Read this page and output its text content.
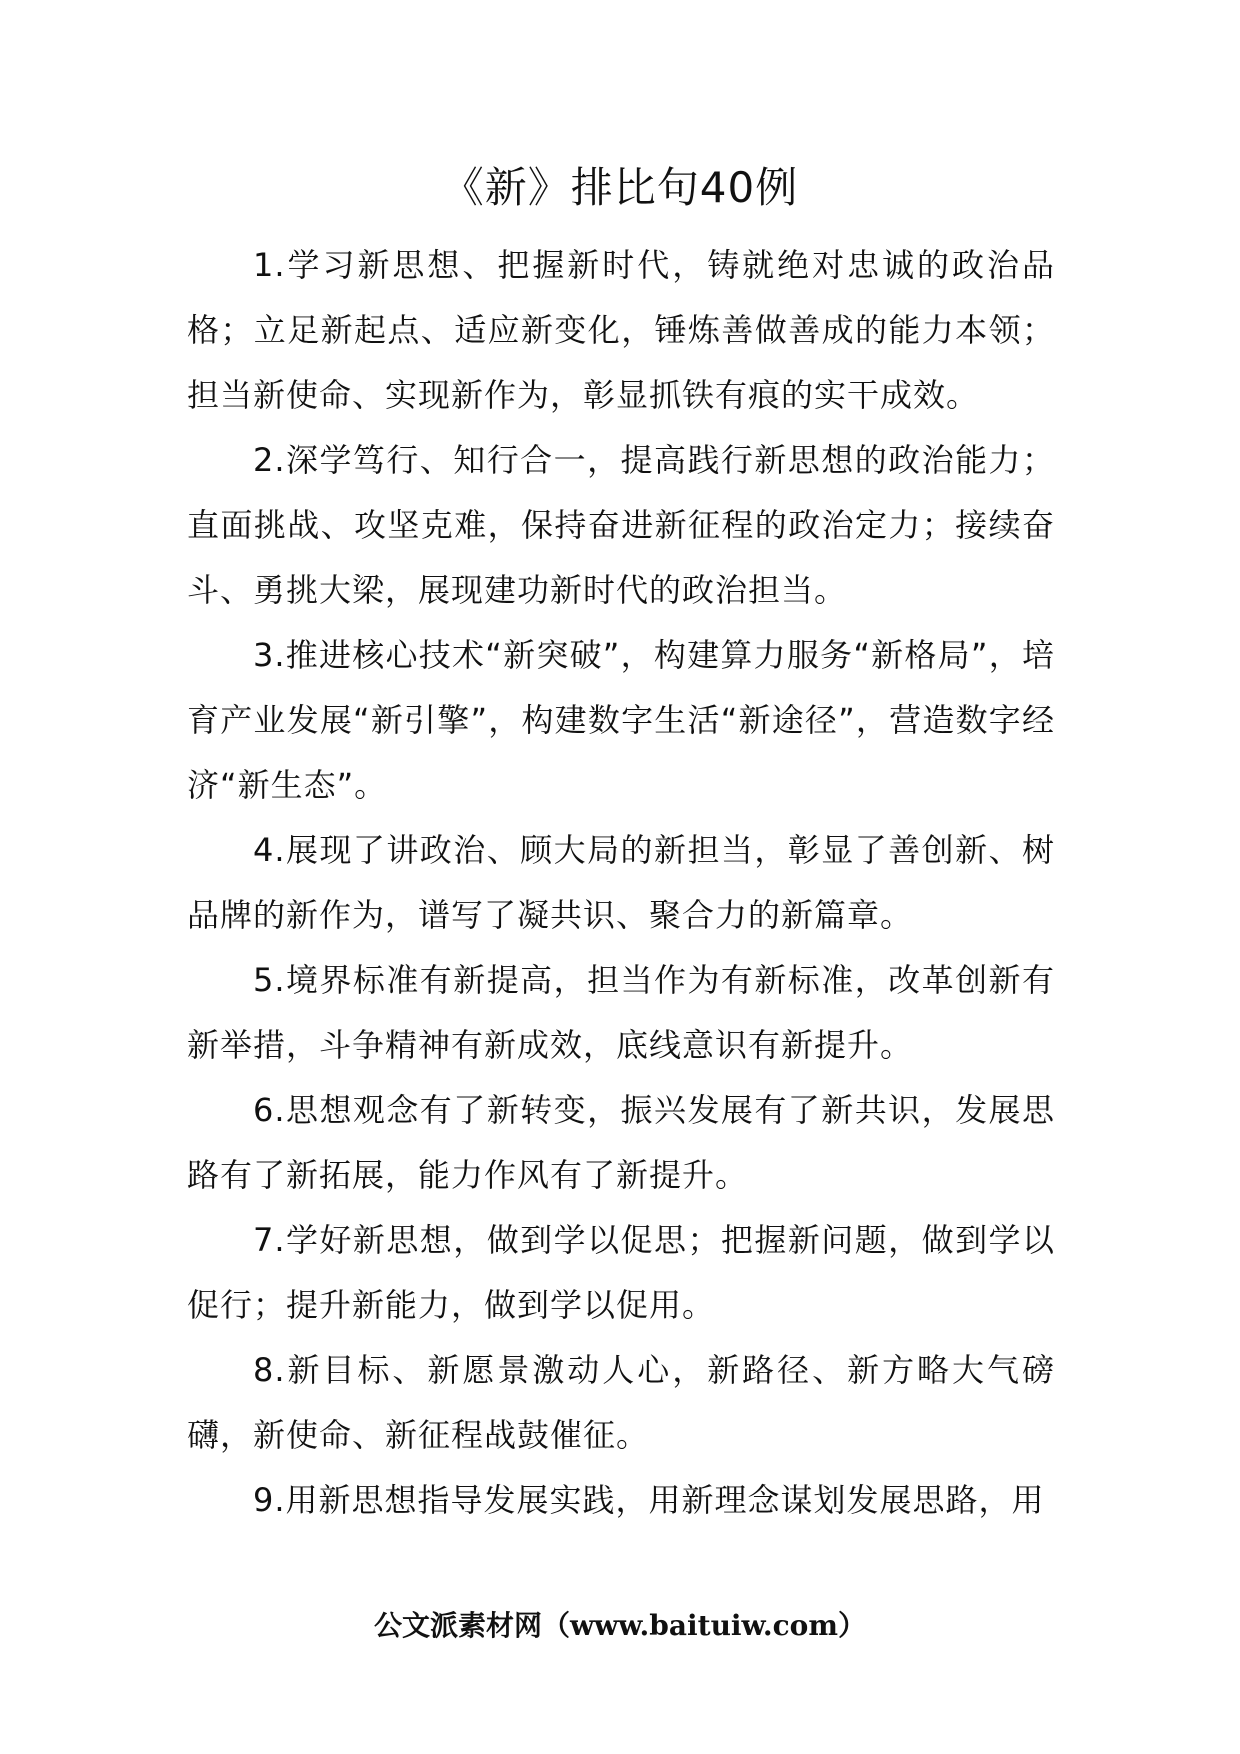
《新》排比句40例

1.学习新思想、把握新时代，铸就绝对忠诚的政治品格；立足新起点、适应新变化，锤炼善做善成的能力本领；担当新使命、实现新作为，彰显抓铁有痕的实干成效。

2.深学笃行、知行合一，提高践行新思想的政治能力；直面挑战、攻坚克难，保持奋进新征程的政治定力；接续奋斗、勇挑大梁，展现建功新时代的政治担当。

3.推进核心技术“新突破”，构建算力服务“新格局”，培育产业发展“新引擎”，构建数字生活“新途径”，营造数字经济“新生态”。

4.展现了讲政治、顾大局的新担当，彰显了善创新、树品牌的新作为，谱写了凝共识、聚合力的新篇章。

5.境界标准有新提高，担当作为有新标准，改革创新有新举措，斗争精神有新成效，底线意识有新提升。

6.思想观念有了新转变，振兴发展有了新共识，发展思路有了新拓展，能力作风有了新提升。

7.学好新思想，做到学以促思；把握新问题，做到学以促行；提升新能力，做到学以促用。

8.新目标、新愿景激动人心，新路径、新方略大气磅礴，新使命、新征程战鼓催征。

9.用新思想指导发展实践，用新理念谋划发展思路，用

公文派素材网（www.baituiw.com）
